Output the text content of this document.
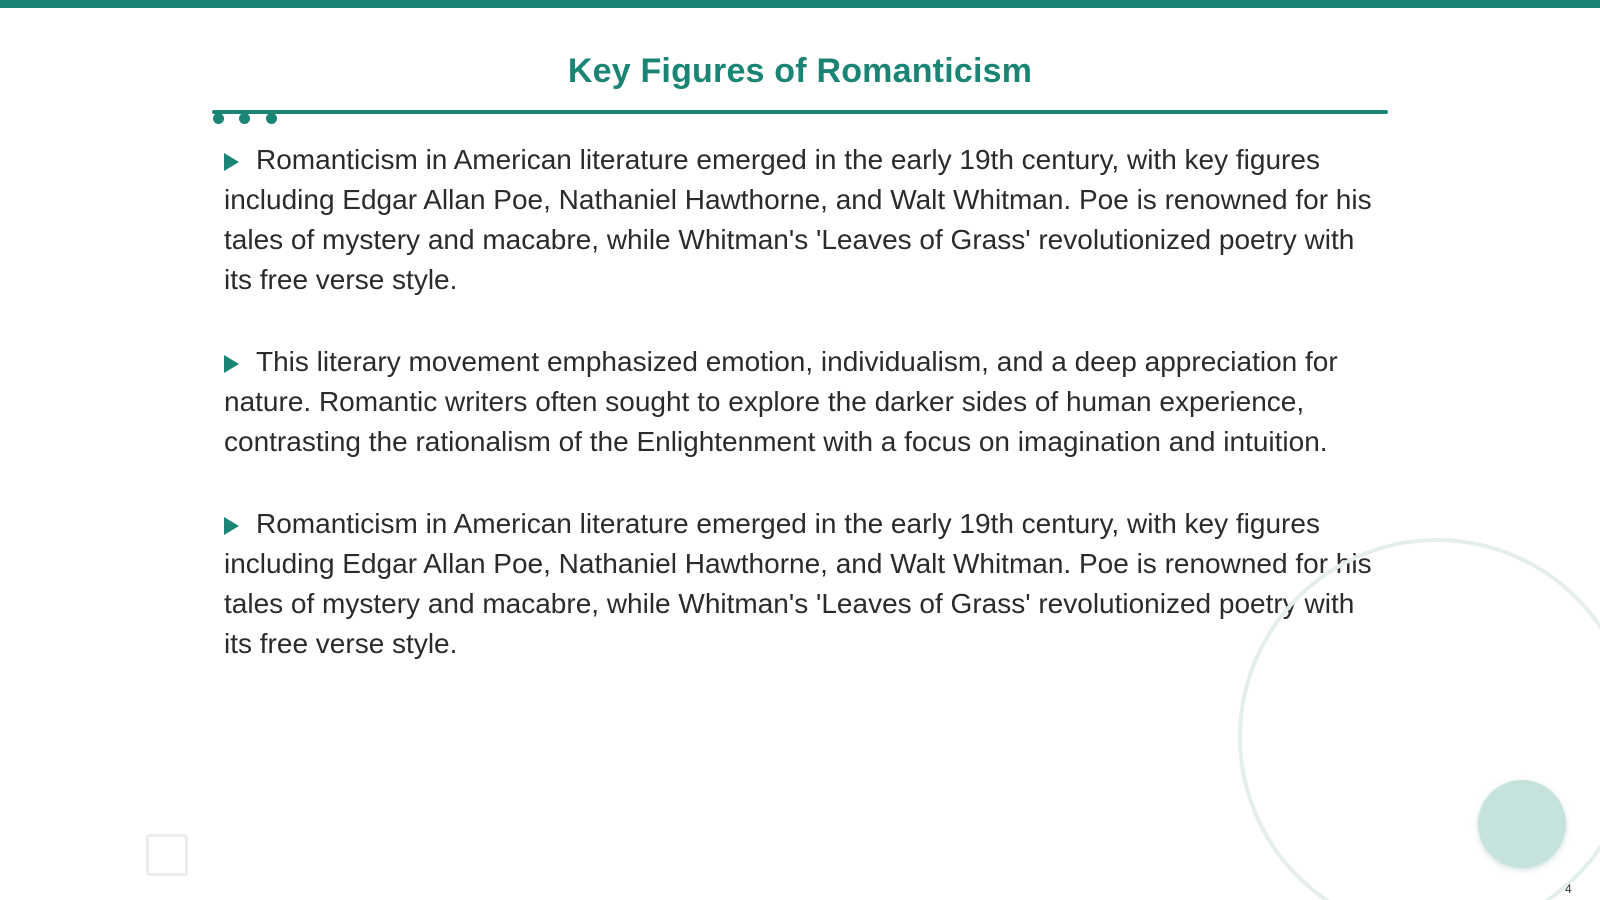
Key Figures of Romanticism

Romanticism in American literature emerged in the early 19th century, with key figures including Edgar Allan Poe, Nathaniel Hawthorne, and Walt Whitman. Poe is renowned for his tales of mystery and macabre, while Whitman's 'Leaves of Grass' revolutionized poetry with its free verse style.

This literary movement emphasized emotion, individualism, and a deep appreciation for nature. Romantic writers often sought to explore the darker sides of human experience, contrasting the rationalism of the Enlightenment with a focus on imagination and intuition.

Romanticism in American literature emerged in the early 19th century, with key figures including Edgar Allan Poe, Nathaniel Hawthorne, and Walt Whitman. Poe is renowned for his tales of mystery and macabre, while Whitman's 'Leaves of Grass' revolutionized poetry with its free verse style.

4
